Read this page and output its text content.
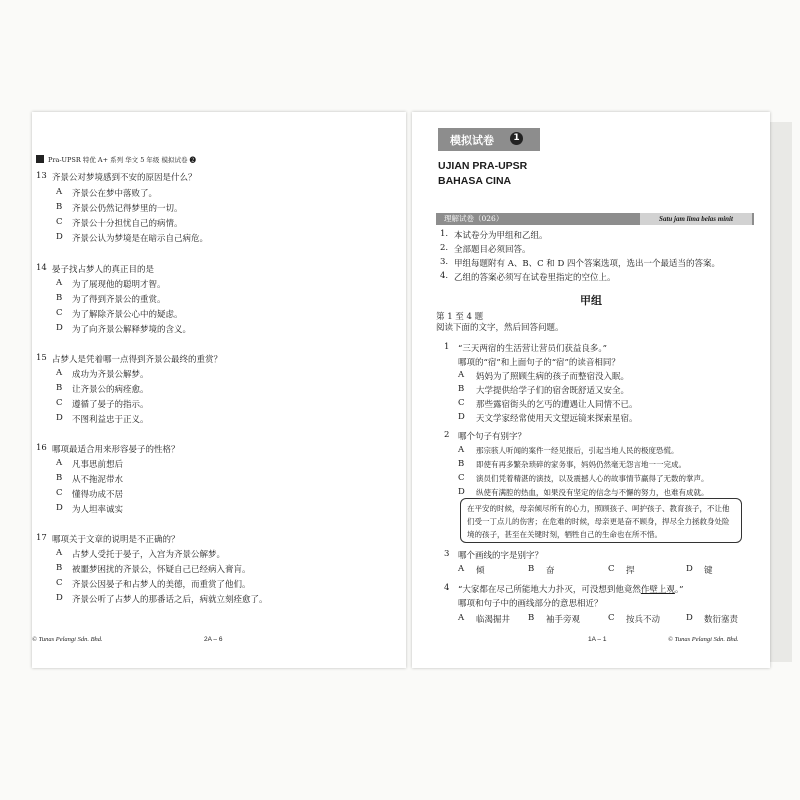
Pra-UPSR 特优 A+ 系列 华文 5 年级 模拟试卷 ❷
13 齐景公对梦境感到不安的原因是什么？
A 齐景公在梦中落败了。
B 齐景公仍然记得梦里的一切。
C 齐景公十分担忧自己的病情。
D 齐景公认为梦境是在暗示自己病危。
14 晏子找占梦人的真正目的是
A 为了展现他的聪明才智。
B 为了得到齐景公的重赏。
C 为了解除齐景公心中的疑虑。
D 为了向齐景公解释梦境的含义。
15 占梦人是凭着哪一点得到齐景公最终的重赏？
A 成功为齐景公解梦。
B 让齐景公的病痊愈。
C 遵循了晏子的指示。
D 不图利益忠于正义。
16 哪项最适合用来形容晏子的性格？
A 凡事思前想后
B 从不拖泥带水
C 懂得功成不居
D 为人坦率诚实
17 哪项关于文章的说明是不正确的？
A 占梦人受托于晏子，入宫为齐景公解梦。
B 被噩梦困扰的齐景公，怀疑自己已经病入膏肓。
C 齐景公因晏子和占梦人的美德，而重赏了他们。
D 齐景公听了占梦人的那番话之后，病就立刻痊愈了。
© Tunas Pelangi Sdn. Bhd.	2A – 6
模拟试卷	1
UJIAN PRA-UPSR
BAHASA CINA
理解试卷（026）	Satu jam lima belas minit
1. 本试卷分为甲组和乙组。
2. 全部题目必须回答。
3. 甲组每题附有 A、B、C 和 D 四个答案选项，选出一个最适当的答案。
4. 乙组的答案必须写在试卷里指定的空位上。
甲组
第 1 至 4 题
阅读下面的文字，然后回答问题。
1 “三天两宿的生活营让营员们获益良多。”
哪项的“宿”和上面句子的“宿”的读音相同？
A 妈妈为了照顾生病的孩子而整宿没入眠。
B 大学提供给学子们的宿舍既舒适又安全。
C 那些露宿街头的乞丐的遭遇让人同情不已。
D 天文学家经常使用天文望远镜来探索星宿。
2 哪个句子有别字？
A 那宗骇人听闻的案件一经见报后，引起当地人民的极度恐慌。
B 即使有再多繁杂琐碎的家务事，妈妈仍然毫无怨言地一一完成。
C 演员们凭着精湛的演技，以及震撼人心的故事情节赢得了无数的掌声。
D 纵使有满腔的热血，如果没有坚定的信念与不懈的努力，也难有成就。
在平安的时候，母亲倾尽所有的心力，照顾孩子、呵护孩子、教育孩子，不让他
们受一丁点儿的伤害；在危难的时候，母亲更是奋不顾身，捍尽全力拯救身处险
境的孩子，甚至在关键时刻，牺牲自己的生命也在所不惜。
3 哪个画线的字是别字？
A 倾	B 奋	C 捍	D 键
4 “大家都在尽己所能地大力扑灭，可没想到他竟然作壁上观。”
哪项和句子中的画线部分的意思相近？
A 临渴掘井 B 袖手旁观	C 按兵不动	D 数衍塞责
1A – 1	© Tunas Pelangi Sdn. Bhd.
